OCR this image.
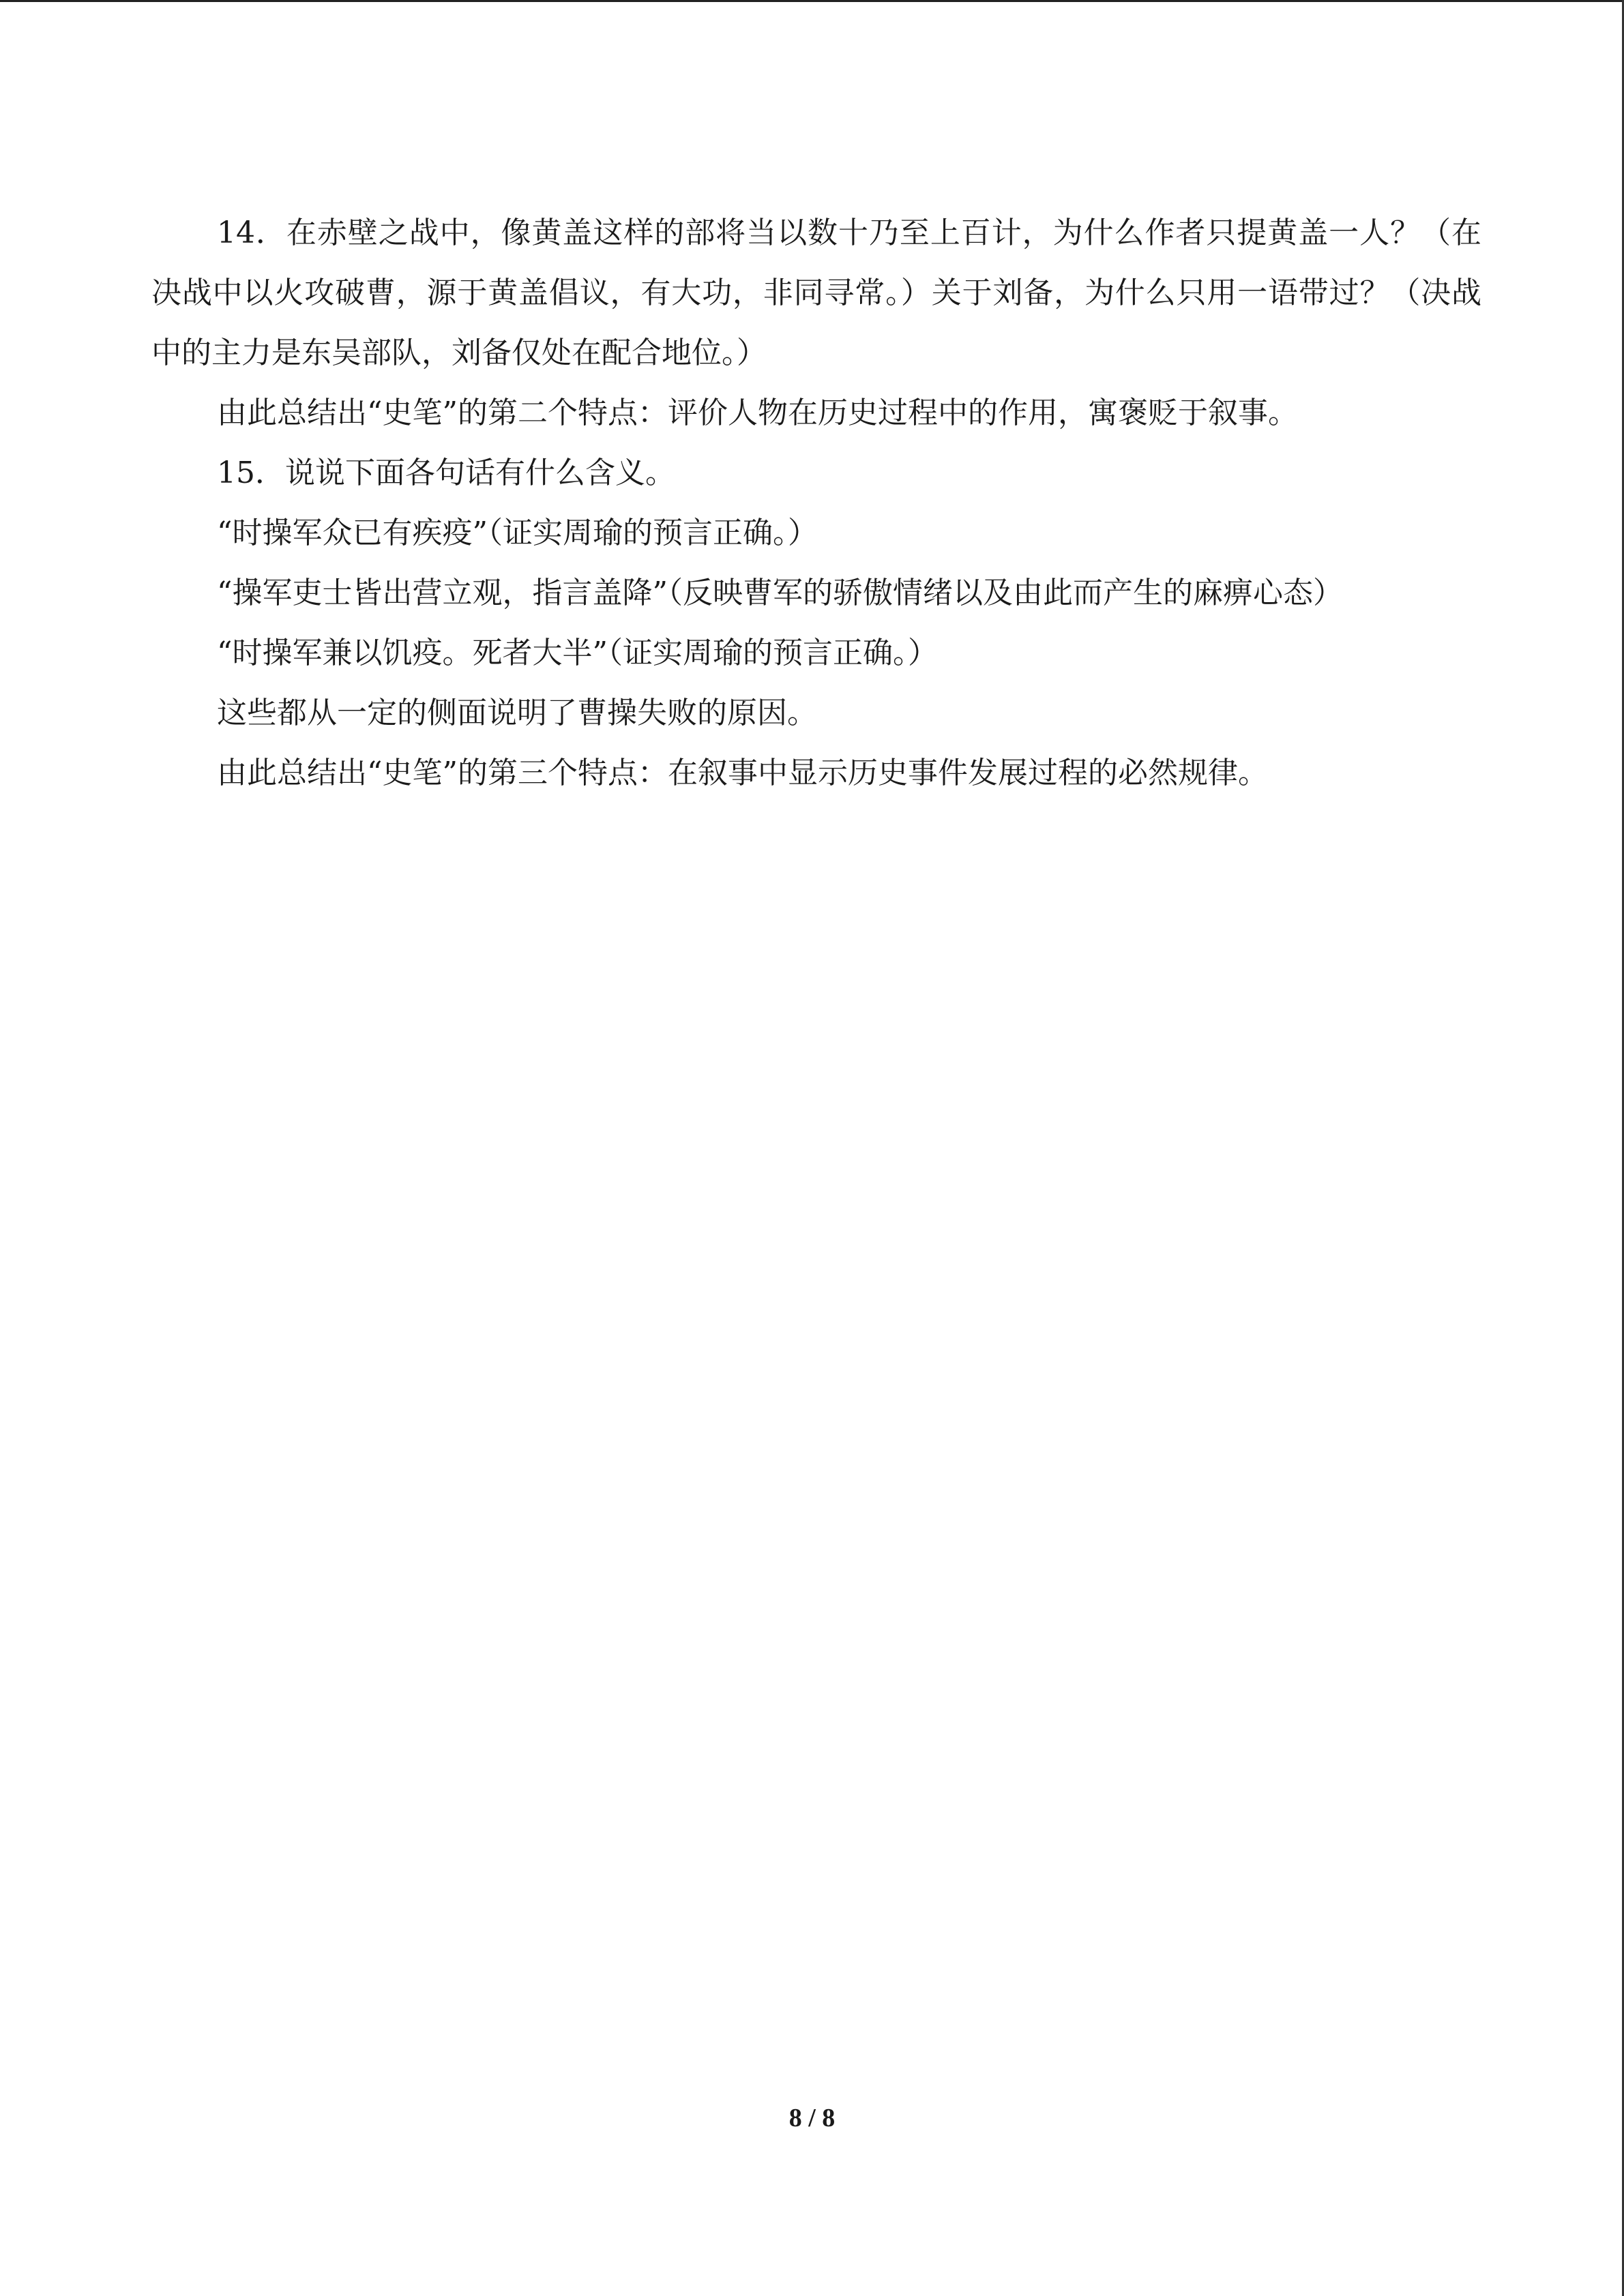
14．在赤壁之战中，像黄盖这样的部将当以数十乃至上百计，为什么作者只提黄盖一人？（在决战中以火攻破曹，源于黄盖倡议，有大功，非同寻常。）关于刘备，为什么只用一语带过？（决战中的主力是东吴部队，刘备仅处在配合地位。）

由此总结出“史笔”的第二个特点：评价人物在历史过程中的作用，寓褒贬于叙事。

15．说说下面各句话有什么含义。

“时操军众已有疾疫”（证实周瑜的预言正确。）

“操军吏士皆出营立观，指言盖降”（反映曹军的骄傲情绪以及由此而产生的麻痹心态）

“时操军兼以饥疫。死者大半”（证实周瑜的预言正确。）

这些都从一定的侧面说明了曹操失败的原因。

由此总结出“史笔”的第三个特点：在叙事中显示历史事件发展过程的必然规律。

8 / 8
